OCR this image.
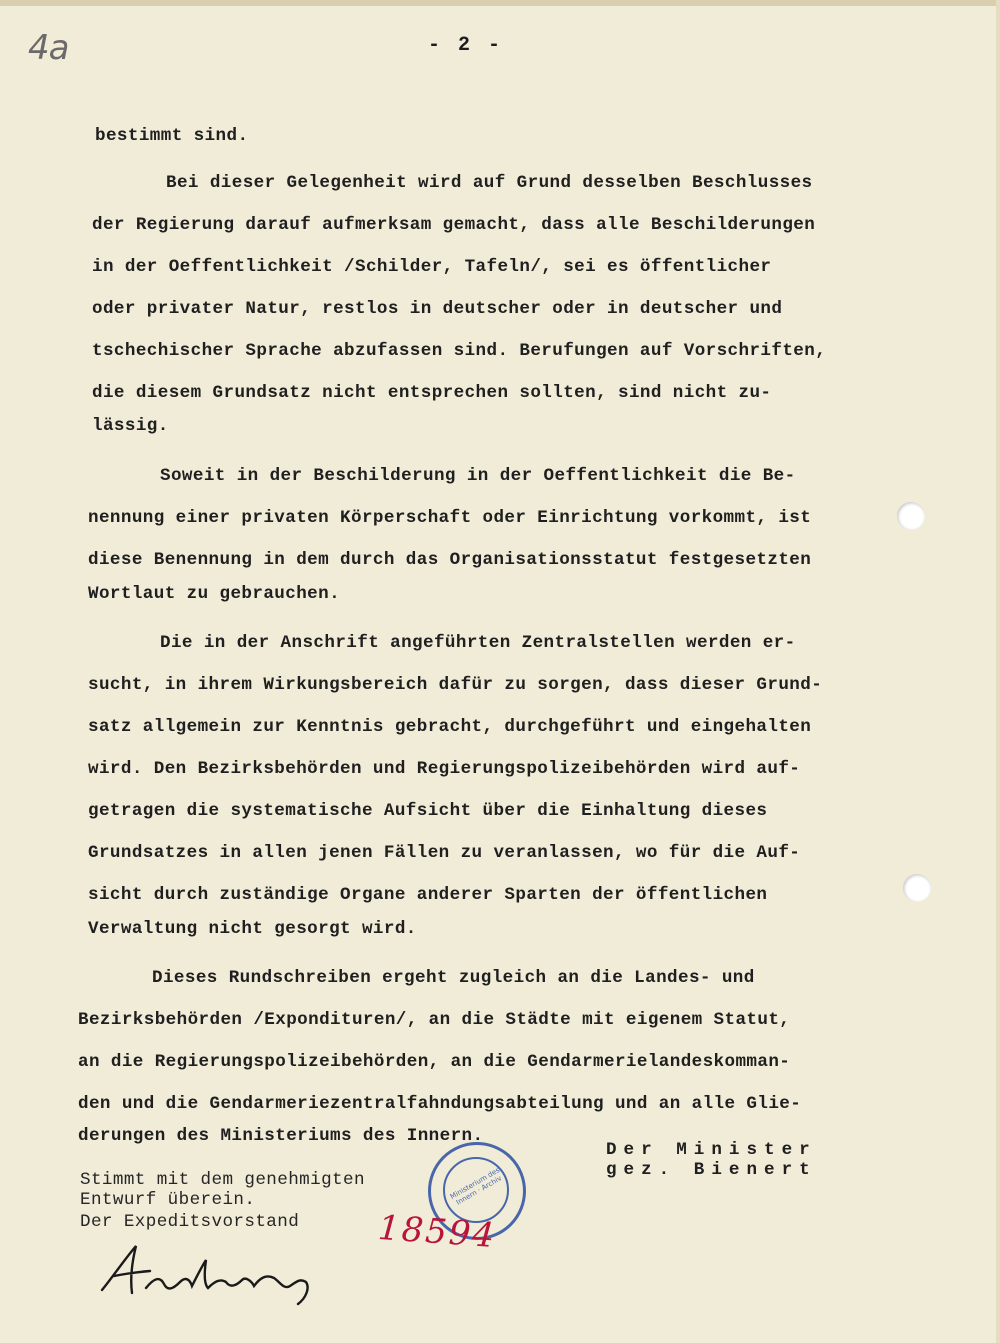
4a	- 2 -
bestimmt sind.
Bei dieser Gelegenheit wird auf Grund desselben Beschlusses
der Regierung darauf aufmerksam gemacht, dass alle Beschilderungen
in der Oeffentlichkeit /Schilder, Tafeln/, sei es öffentlicher
oder privater Natur, restlos in deutscher oder in deutscher und
tschechischer Sprache abzufassen sind. Berufungen auf Vorschriften,
die diesem Grundsatz nicht entsprechen sollten, sind nicht zu-
lässig.
Soweit in der Beschilderung in der Oeffentlichkeit die Be-
nennung einer privaten Körperschaft oder Einrichtung vorkommt, ist
diese Benennung in dem durch das Organisationsstatut festgesetzten
Wortlaut zu gebrauchen.
Die in der Anschrift angeführten Zentralstellen werden er-
sucht, in ihrem Wirkungsbereich dafür zu sorgen, dass dieser Grund-
satz allgemein zur Kenntnis gebracht, durchgeführt und eingehalten
wird. Den Bezirksbehörden und Regierungspolizeibehörden wird auf-
getragen die systematische Aufsicht über die Einhaltung dieses
Grundsatzes in allen jenen Fällen zu veranlassen, wo für die Auf-
sicht durch zuständige Organe anderer Sparten der öffentlichen
Verwaltung nicht gesorgt wird.
Dieses Rundschreiben ergeht zugleich an die Landes- und
Bezirksbehörden /Expondituren/, an die Städte mit eigenem Statut,
an die Regierungspolizeibehörden, an die Gendarmerielandeskomman-
den und die Gendarmeriezentralfahndungsabteilung und an alle Glie-
derungen des Ministeriums des Innern.
Der Minister
gez. Bienert
Stimmt mit dem genehmigten
Entwurf überein.
Der Expeditsvorstand
Ministerium des Innern · Archiv
18594
